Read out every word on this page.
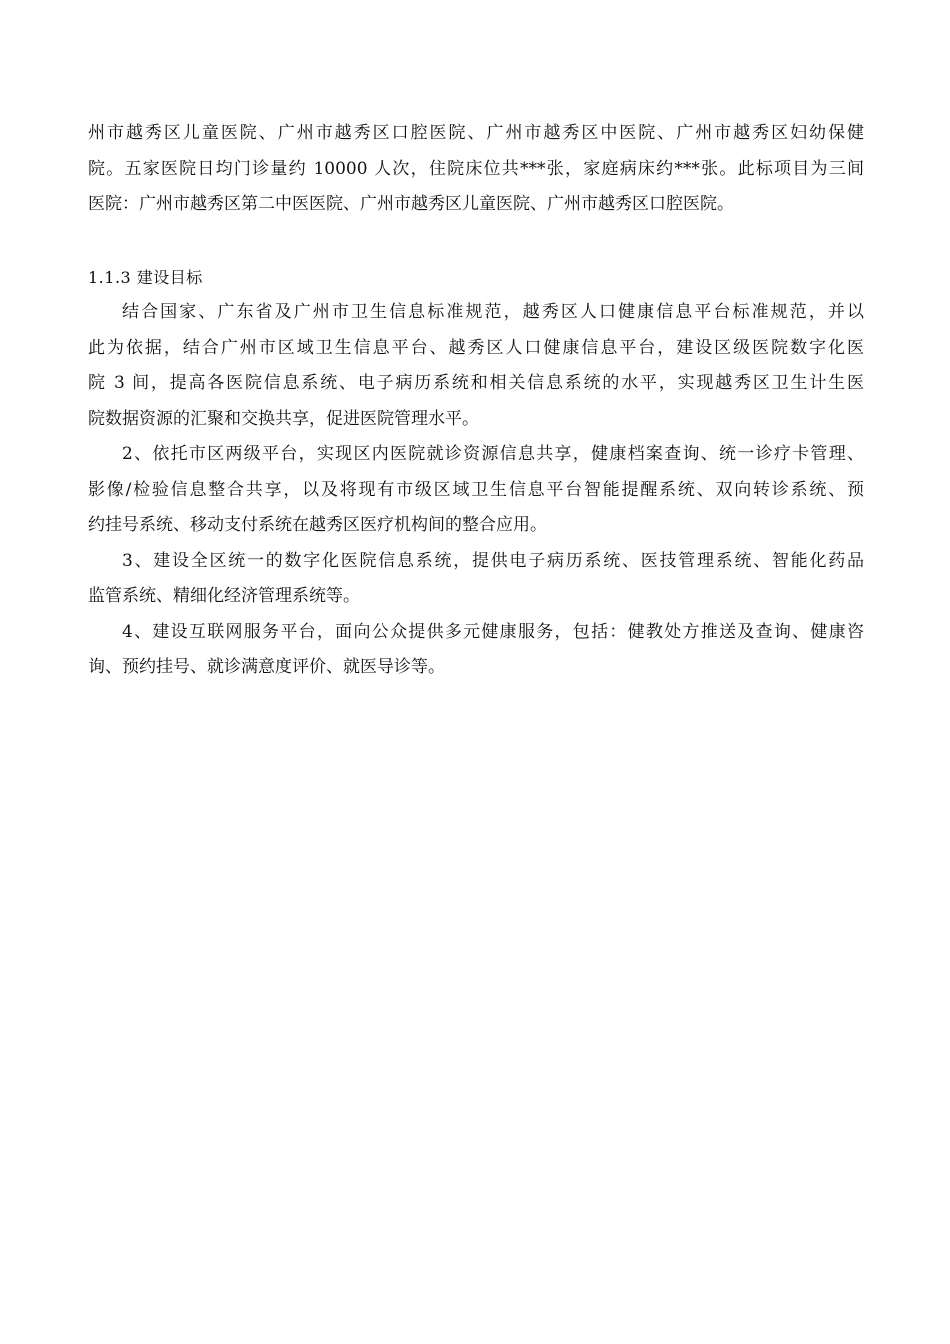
州市越秀区儿童医院、广州市越秀区口腔医院、广州市越秀区中医院、广州市越秀区妇幼保健
院。五家医院日均门诊量约 10000 人次，住院床位共***张，家庭病床约***张。此标项目为三间
医院：广州市越秀区第二中医医院、广州市越秀区儿童医院、广州市越秀区口腔医院。
1.1.3 建设目标
结合国家、广东省及广州市卫生信息标准规范，越秀区人口健康信息平台标准规范，并以
此为依据，结合广州市区域卫生信息平台、越秀区人口健康信息平台，建设区级医院数字化医
院 3 间，提高各医院信息系统、电子病历系统和相关信息系统的水平，实现越秀区卫生计生医
院数据资源的汇聚和交换共享，促进医院管理水平。
2、依托市区两级平台，实现区内医院就诊资源信息共享，健康档案查询、统一诊疗卡管理、
影像/检验信息整合共享，以及将现有市级区域卫生信息平台智能提醒系统、双向转诊系统、预
约挂号系统、移动支付系统在越秀区医疗机构间的整合应用。
3、建设全区统一的数字化医院信息系统，提供电子病历系统、医技管理系统、智能化药品
监管系统、精细化经济管理系统等。
4、建设互联网服务平台，面向公众提供多元健康服务，包括：健教处方推送及查询、健康咨
询、预约挂号、就诊满意度评价、就医导诊等。
